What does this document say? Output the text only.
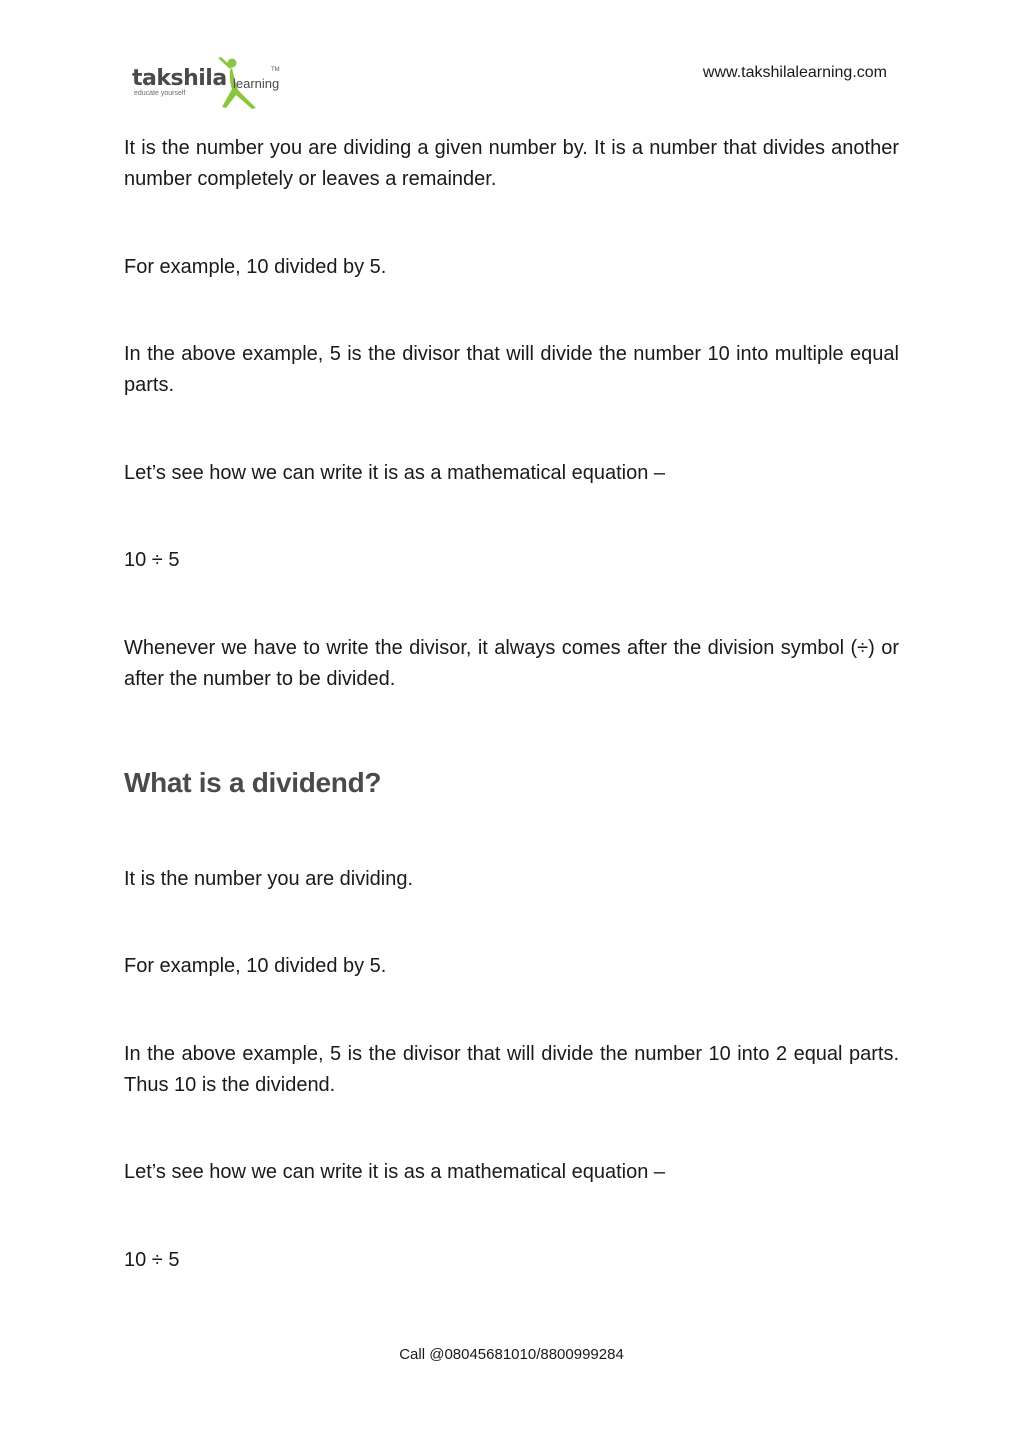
takshila learning
TM
educate yourself
www.takshilalearning.com

It is the number you are dividing a given number by. It is a number that divides another number completely or leaves a remainder.

For example, 10 divided by 5.

In the above example, 5 is the divisor that will divide the number 10 into multiple equal parts.

Let’s see how we can write it is as a mathematical equation –

10 ÷ 5

Whenever we have to write the divisor, it always comes after the division symbol (÷) or after the number to be divided.

What is a dividend?

It is the number you are dividing.

For example, 10 divided by 5.

In the above example, 5 is the divisor that will divide the number 10 into 2 equal parts. Thus 10 is the dividend.

Let’s see how we can write it is as a mathematical equation –

10 ÷ 5

Call @08045681010/8800999284
